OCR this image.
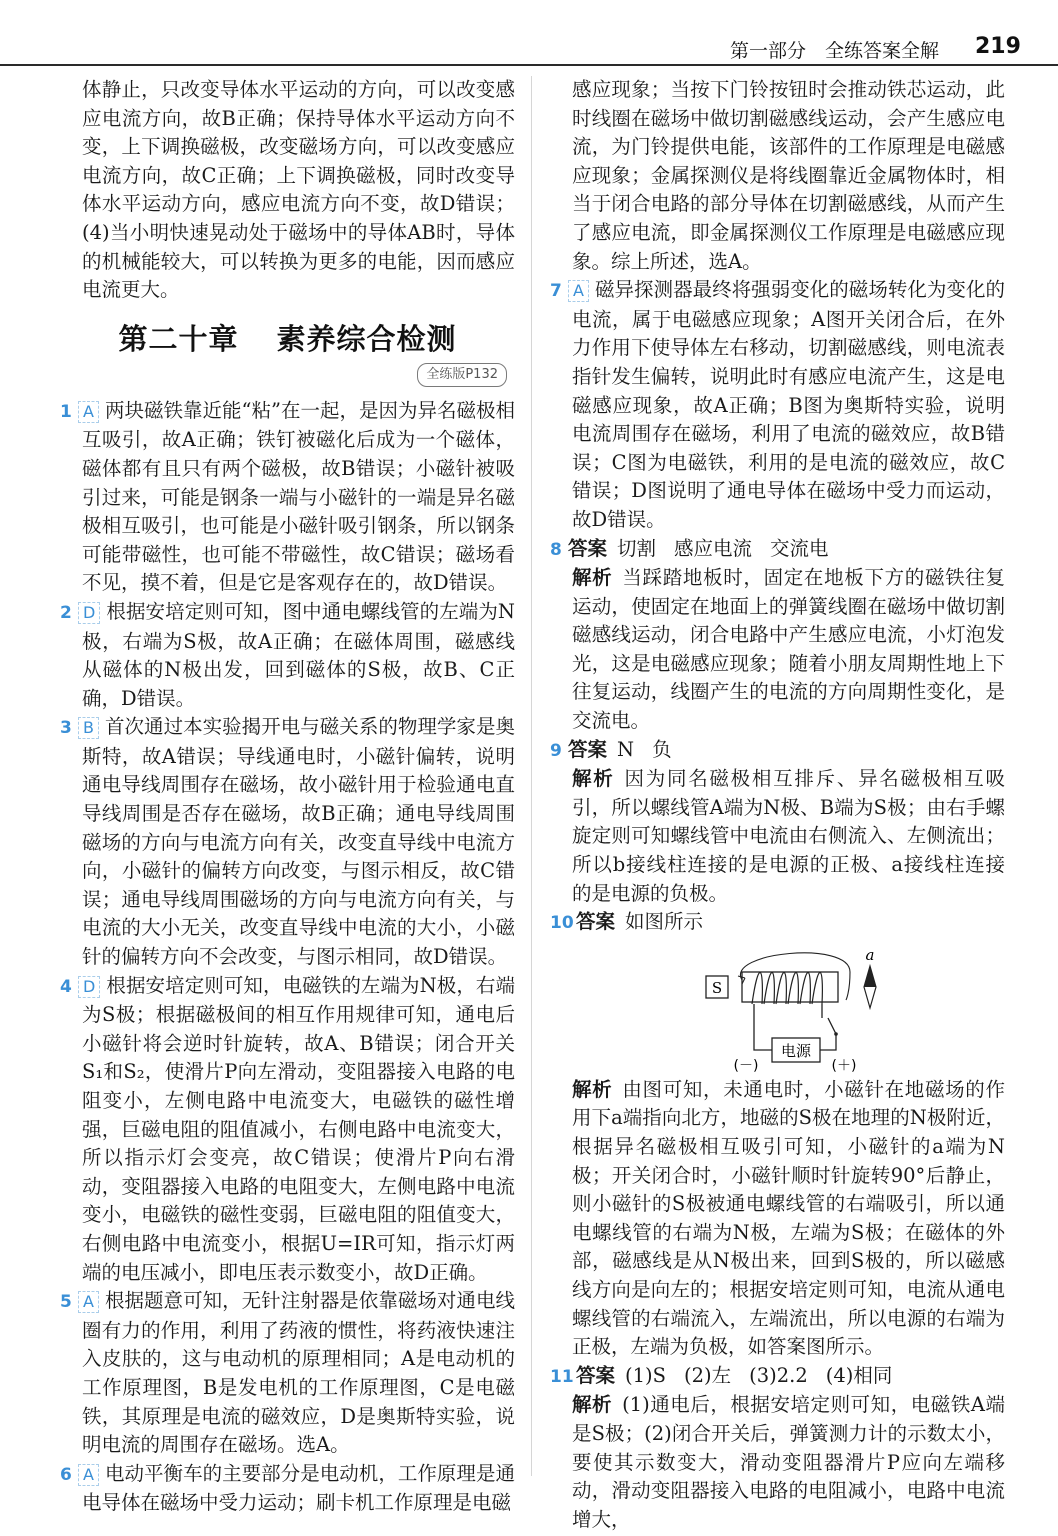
第一部分　全练答案全解 219

体静止，只改变导体水平运动的方向，可以改变感应电流方向，故B正确；保持导体水平运动方向不变，上下调换磁极，改变磁场方向，可以改变感应电流方向，故C正确；上下调换磁极，同时改变导体水平运动方向，感应电流方向不变，故D错误；(4)当小明快速晃动处于磁场中的导体AB时，导体的机械能较大，可以转换为更多的电能，因而感应电流更大。

第二十章 素养综合检测
全练版P132

1 A 两块磁铁靠近能“粘”在一起，是因为异名磁极相互吸引，故A正确；铁钉被磁化后成为一个磁体，磁体都有且只有两个磁极，故B错误；小磁针被吸引过来，可能是钢条一端与小磁针的一端是异名磁极相互吸引，也可能是小磁针吸引钢条，所以钢条可能带磁性，也可能不带磁性，故C错误；磁场看不见，摸不着，但是它是客观存在的，故D错误。

2 D 根据安培定则可知，图中通电螺线管的左端为N极，右端为S极，故A正确；在磁体周围，磁感线从磁体的N极出发，回到磁体的S极，故B、C正确，D错误。

3 B 首次通过本实验揭开电与磁关系的物理学家是奥斯特，故A错误；导线通电时，小磁针偏转，说明通电导线周围存在磁场，故小磁针用于检验通电直导线周围是否存在磁场，故B正确；通电导线周围磁场的方向与电流方向有关，改变直导线中电流方向，小磁针的偏转方向改变，与图示相反，故C错误；通电导线周围磁场的方向与电流方向有关，与电流的大小无关，改变直导线中电流的大小，小磁针的偏转方向不会改变，与图示相同，故D错误。

4 D 根据安培定则可知，电磁铁的左端为N极，右端为S极；根据磁极间的相互作用规律可知，通电后小磁针将会逆时针旋转，故A、B错误；闭合开关S₁和S₂，使滑片P向左滑动，变阻器接入电路的电阻变小，左侧电路中电流变大，电磁铁的磁性增强，巨磁电阻的阻值减小，右侧电路中电流变大，所以指示灯会变亮，故C错误；使滑片P向右滑动，变阻器接入电路的电阻变大，左侧电路中电流变小，电磁铁的磁性变弱，巨磁电阻的阻值变大，右侧电路中电流变小，根据U=IR可知，指示灯两端的电压减小，即电压表示数变小，故D正确。

5 A 根据题意可知，无针注射器是依靠磁场对通电线圈有力的作用，利用了药液的惯性，将药液快速注入皮肤的，这与电动机的原理相同；A是电动机的工作原理图，B是发电机的工作原理图，C是电磁铁，其原理是电流的磁效应，D是奥斯特实验，说明电流的周围存在磁场。选A。

6 A 电动平衡车的主要部分是电动机，工作原理是通电导体在磁场中受力运动；刷卡机工作原理是电磁

感应现象；当按下门铃按钮时会推动铁芯运动，此时线圈在磁场中做切割磁感线运动，会产生感应电流，为门铃提供电能，该部件的工作原理是电磁感应现象；金属探测仪是将线圈靠近金属物体时，相当于闭合电路的部分导体在切割磁感线，从而产生了感应电流，即金属探测仪工作原理是电磁感应现象。综上所述，选A。

7 A 磁异探测器最终将强弱变化的磁场转化为变化的电流，属于电磁感应现象；A图开关闭合后，在外力作用下使导体左右移动，切割磁感线，则电流表指针发生偏转，说明此时有感应电流产生，这是电磁感应现象，故A正确；B图为奥斯特实验，说明电流周围存在磁场，利用了电流的磁效应，故B错误；C图为电磁铁，利用的是电流的磁效应，故C错误；D图说明了通电导体在磁场中受力而运动，故D错误。

8 答案 切割 感应电流 交流电

解析 当踩踏地板时，固定在地板下方的磁铁往复运动，使固定在地面上的弹簧线圈在磁场中做切割磁感线运动，闭合电路中产生感应电流，小灯泡发光，这是电磁感应现象；随着小朋友周期性地上下往复运动，线圈产生的电流的方向周期性变化，是交流电。

9 答案 N 负

解析 因为同名磁极相互排斥、异名磁极相互吸引，所以螺线管A端为N极、B端为S极；由右手螺旋定则可知螺线管中电流由右侧流入、左侧流出；所以b接线柱连接的是电源的正极、a接线柱连接的是电源的负极。

10 答案 如图所示

S
a
电源
(－)	(＋)

解析 由图可知，未通电时，小磁针在地磁场的作用下a端指向北方，地磁的S极在地理的N极附近，根据异名磁极相互吸引可知，小磁针的a端为N极；开关闭合时，小磁针顺时针旋转90°后静止，则小磁针的S极被通电螺线管的右端吸引，所以通电螺线管的右端为N极，左端为S极；在磁体的外部，磁感线是从N极出来，回到S极的，所以磁感线方向是向左的；根据安培定则可知，电流从通电螺线管的右端流入，左端流出，所以电源的右端为正极，左端为负极，如答案图所示。

11 答案 (1)S (2)左 (3)2.2 (4)相同

解析 (1)通电后，根据安培定则可知，电磁铁A端是S极；(2)闭合开关后，弹簧测力计的示数太小，要使其示数变大，滑动变阻器滑片P应向左端移动，滑动变阻器接入电路的电阻减小，电路中电流增大，
